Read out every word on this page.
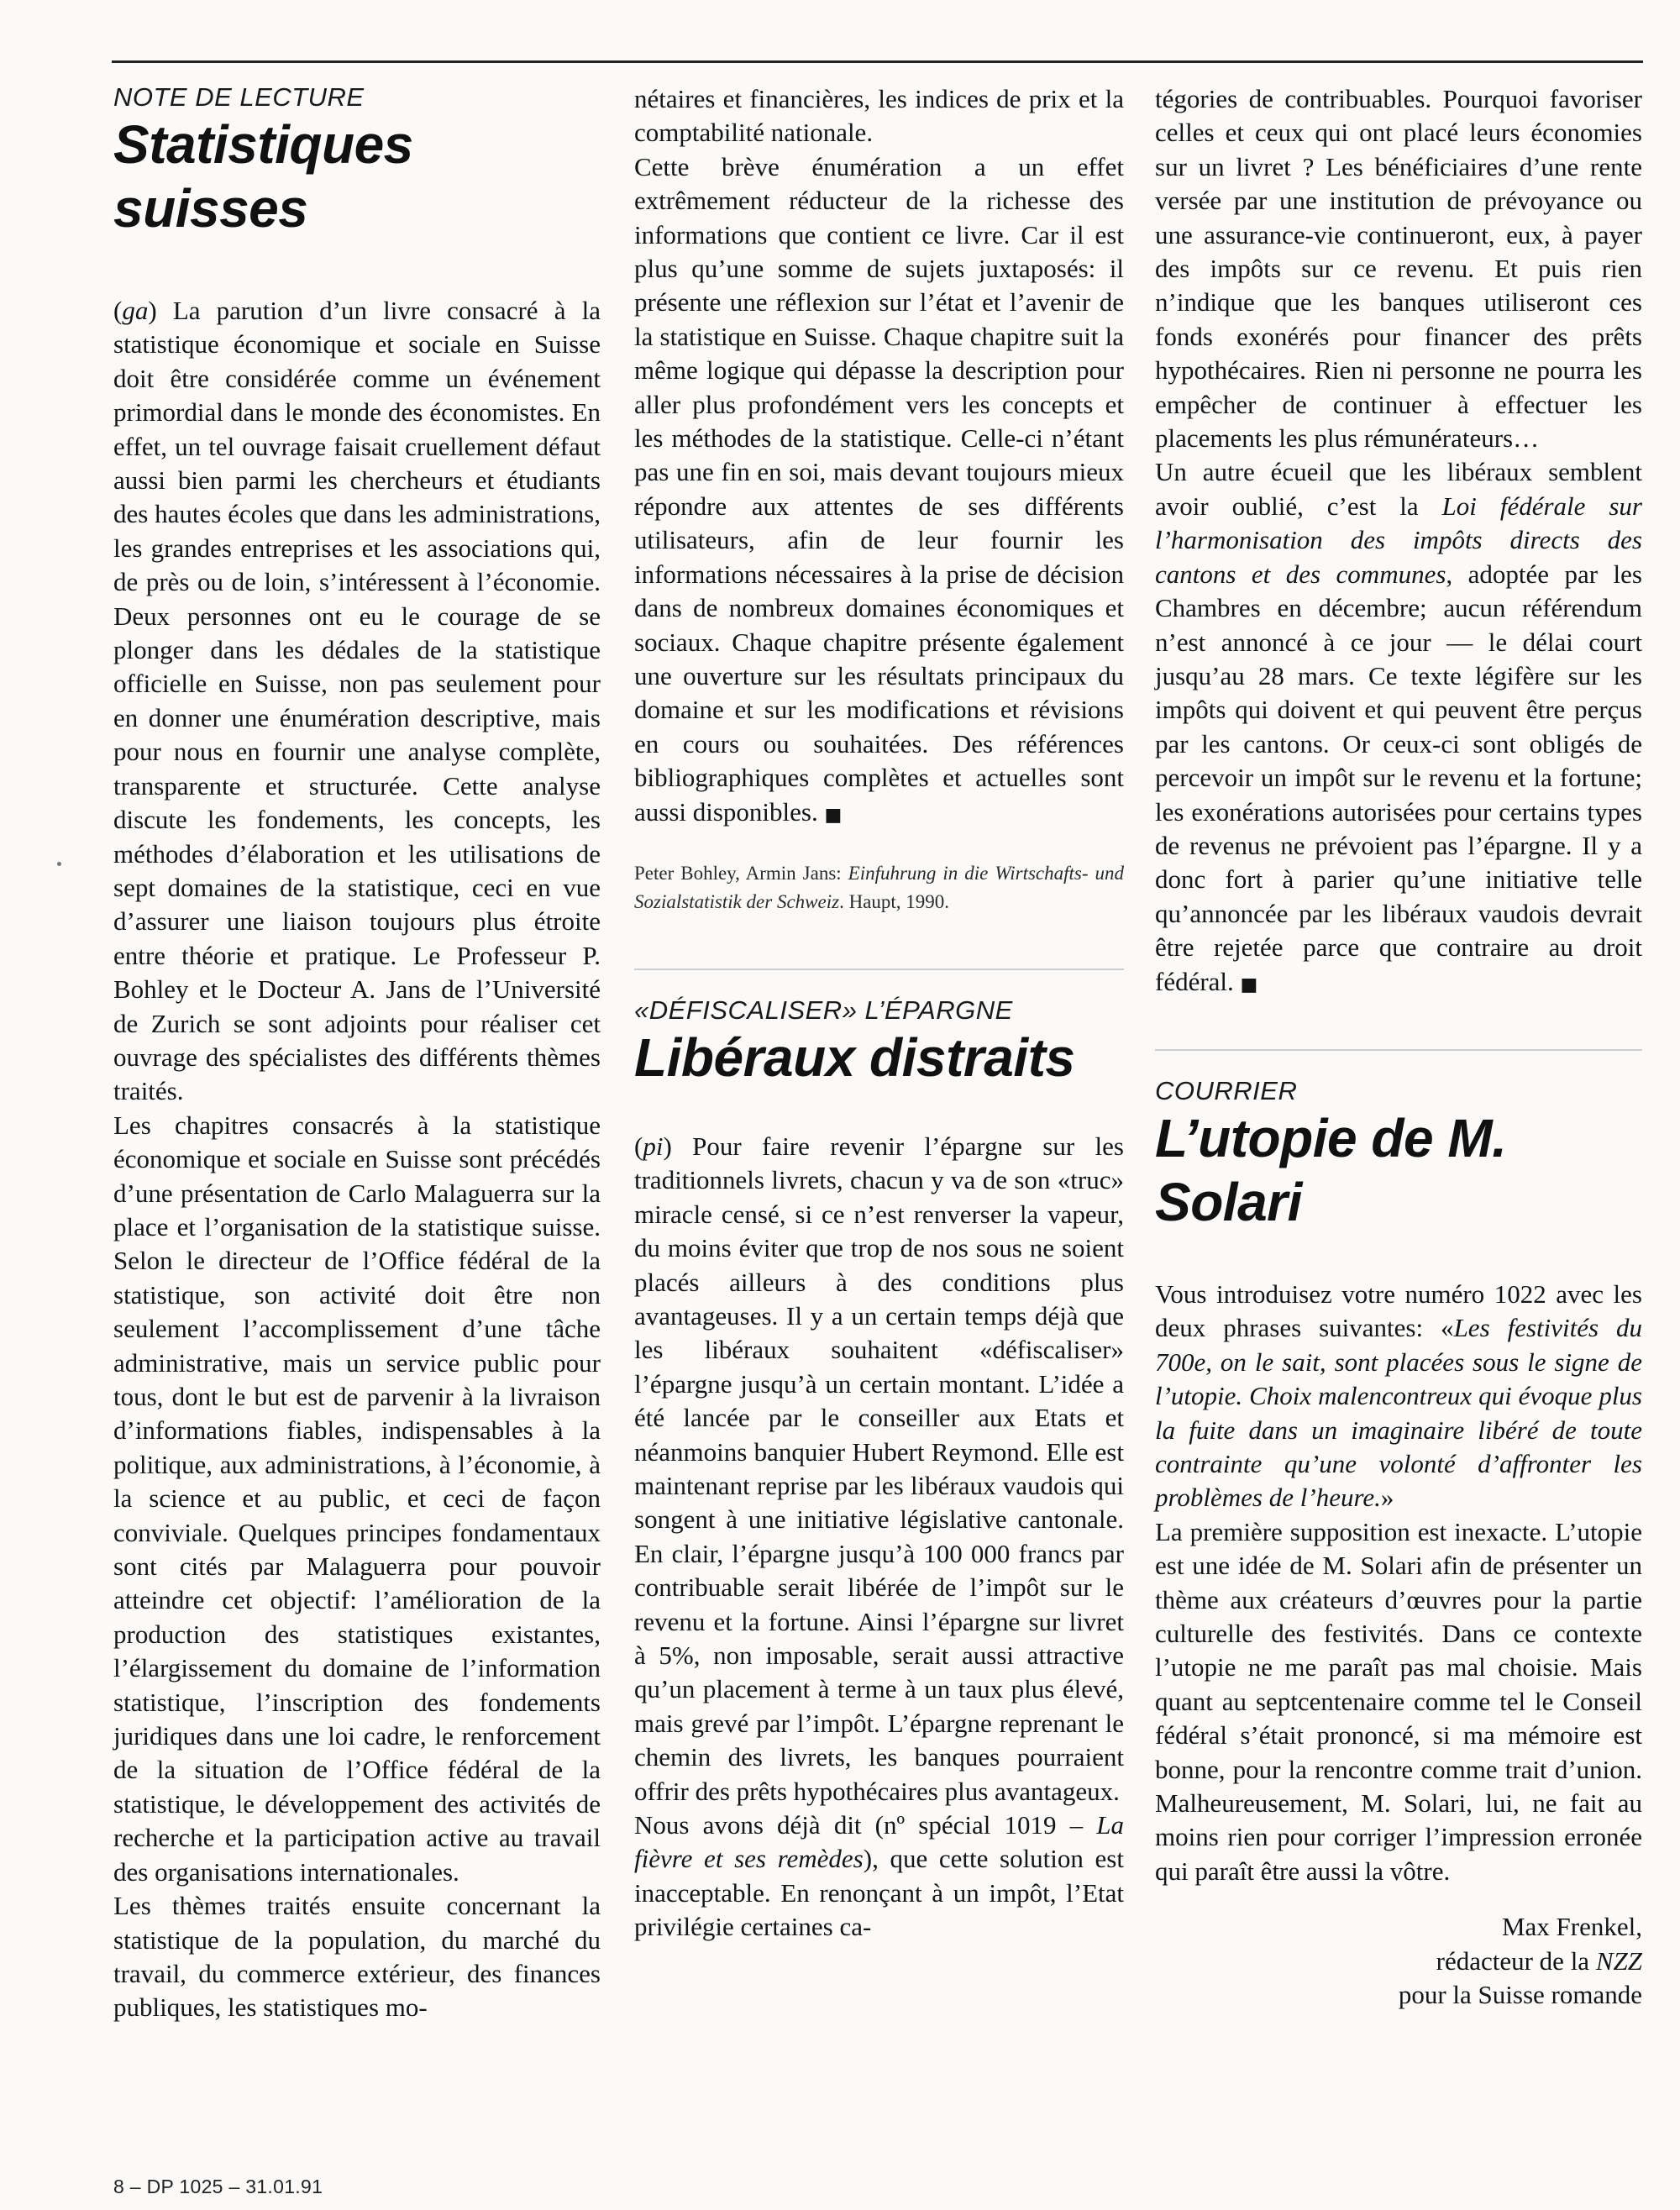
NOTE DE LECTURE
Statistiques suisses

(ga) La parution d’un livre consacré à la statistique économique et sociale en Suisse doit être considérée comme un événement primordial dans le monde des économistes. En effet, un tel ouvrage faisait cruellement défaut aussi bien parmi les chercheurs et étudiants des hautes écoles que dans les administrations, les grandes entreprises et les associations qui, de près ou de loin, s’intéressent à l’économie. Deux personnes ont eu le courage de se plonger dans les dédales de la statistique officielle en Suisse, non pas seulement pour en donner une énumération descriptive, mais pour nous en fournir une analyse complète, transparente et structurée. Cette analyse discute les fondements, les concepts, les méthodes d’élaboration et les utilisations de sept domaines de la statistique, ceci en vue d’assurer une liaison toujours plus étroite entre théorie et pratique. Le Professeur P. Bohley et le Docteur A. Jans de l’Université de Zurich se sont adjoints pour réaliser cet ouvrage des spécialistes des différents thèmes traités.

Les chapitres consacrés à la statistique économique et sociale en Suisse sont précédés d’une présentation de Carlo Malaguerra sur la place et l’organisation de la statistique suisse. Selon le directeur de l’Office fédéral de la statistique, son activité doit être non seulement l’accomplissement d’une tâche administrative, mais un service public pour tous, dont le but est de parvenir à la livraison d’informations fiables, indispensables à la politique, aux administrations, à l’économie, à la science et au public, et ceci de façon conviviale. Quelques principes fondamentaux sont cités par Malaguerra pour pouvoir atteindre cet objectif: l’amélioration de la production des statistiques existantes, l’élargissement du domaine de l’information statistique, l’inscription des fondements juridiques dans une loi cadre, le renforcement de la situation de l’Office fédéral de la statistique, le développement des activités de recherche et la participation active au travail des organisations internationales.

Les thèmes traités ensuite concernant la statistique de la population, du marché du travail, du commerce extérieur, des finances publiques, les statistiques mo-

nétaires et financières, les indices de prix et la comptabilité nationale.

Cette brève énumération a un effet extrêmement réducteur de la richesse des informations que contient ce livre. Car il est plus qu’une somme de sujets juxtaposés: il présente une réflexion sur l’état et l’avenir de la statistique en Suisse. Chaque chapitre suit la même logique qui dépasse la description pour aller plus profondément vers les concepts et les méthodes de la statistique. Celle-ci n’étant pas une fin en soi, mais devant toujours mieux répondre aux attentes de ses différents utilisateurs, afin de leur fournir les informations nécessaires à la prise de décision dans de nombreux domaines économiques et sociaux. Chaque chapitre présente également une ouverture sur les résultats principaux du domaine et sur les modifications et révisions en cours ou souhaitées. Des références bibliographiques complètes et actuelles sont aussi disponibles. ■

Peter Bohley, Armin Jans: Einfuhrung in die Wirtschafts- und Sozialstatistik der Schweiz. Haupt, 1990.

«DÉFISCALISER» L’ÉPARGNE
Libéraux distraits

(pi) Pour faire revenir l’épargne sur les traditionnels livrets, chacun y va de son «truc» miracle censé, si ce n’est renverser la vapeur, du moins éviter que trop de nos sous ne soient placés ailleurs à des conditions plus avantageuses. Il y a un certain temps déjà que les libéraux souhaitent «défiscaliser» l’épargne jusqu’à un certain montant. L’idée a été lancée par le conseiller aux Etats et néanmoins banquier Hubert Reymond. Elle est maintenant reprise par les libéraux vaudois qui songent à une initiative législative cantonale. En clair, l’épargne jusqu’à 100 000 francs par contribuable serait libérée de l’impôt sur le revenu et la fortune. Ainsi l’épargne sur livret à 5%, non imposable, serait aussi attractive qu’un placement à terme à un taux plus élevé, mais grevé par l’impôt. L’épargne reprenant le chemin des livrets, les banques pourraient offrir des prêts hypothécaires plus avantageux.

Nous avons déjà dit (nº spécial 1019 – La fièvre et ses remèdes), que cette solution est inacceptable. En renonçant à un impôt, l’Etat privilégie certaines ca-

tégories de contribuables. Pourquoi favoriser celles et ceux qui ont placé leurs économies sur un livret ? Les bénéficiaires d’une rente versée par une institution de prévoyance ou une assurance-vie continueront, eux, à payer des impôts sur ce revenu. Et puis rien n’indique que les banques utiliseront ces fonds exonérés pour financer des prêts hypothécaires. Rien ni personne ne pourra les empêcher de continuer à effectuer les placements les plus rémunérateurs…

Un autre écueil que les libéraux semblent avoir oublié, c’est la Loi fédérale sur l’harmonisation des impôts directs des cantons et des communes, adoptée par les Chambres en décembre; aucun référendum n’est annoncé à ce jour — le délai court jusqu’au 28 mars. Ce texte légifère sur les impôts qui doivent et qui peuvent être perçus par les cantons. Or ceux-ci sont obligés de percevoir un impôt sur le revenu et la fortune; les exonérations autorisées pour certains types de revenus ne prévoient pas l’épargne. Il y a donc fort à parier qu’une initiative telle qu’annoncée par les libéraux vaudois devrait être rejetée parce que contraire au droit fédéral. ■

COURRIER
L’utopie de M. Solari

Vous introduisez votre numéro 1022 avec les deux phrases suivantes: «Les festivités du 700e, on le sait, sont placées sous le signe de l’utopie. Choix malencontreux qui évoque plus la fuite dans un imaginaire libéré de toute contrainte qu’une volonté d’affronter les problèmes de l’heure.»

La première supposition est inexacte. L’utopie est une idée de M. Solari afin de présenter un thème aux créateurs d’œuvres pour la partie culturelle des festivités. Dans ce contexte l’utopie ne me paraît pas mal choisie. Mais quant au septcentenaire comme tel le Conseil fédéral s’était prononcé, si ma mémoire est bonne, pour la rencontre comme trait d’union. Malheureusement, M. Solari, lui, ne fait au moins rien pour corriger l’impression erronée qui paraît être aussi la vôtre.

Max Frenkel,
rédacteur de la NZZ
pour la Suisse romande
8 – DP 1025 – 31.01.91
